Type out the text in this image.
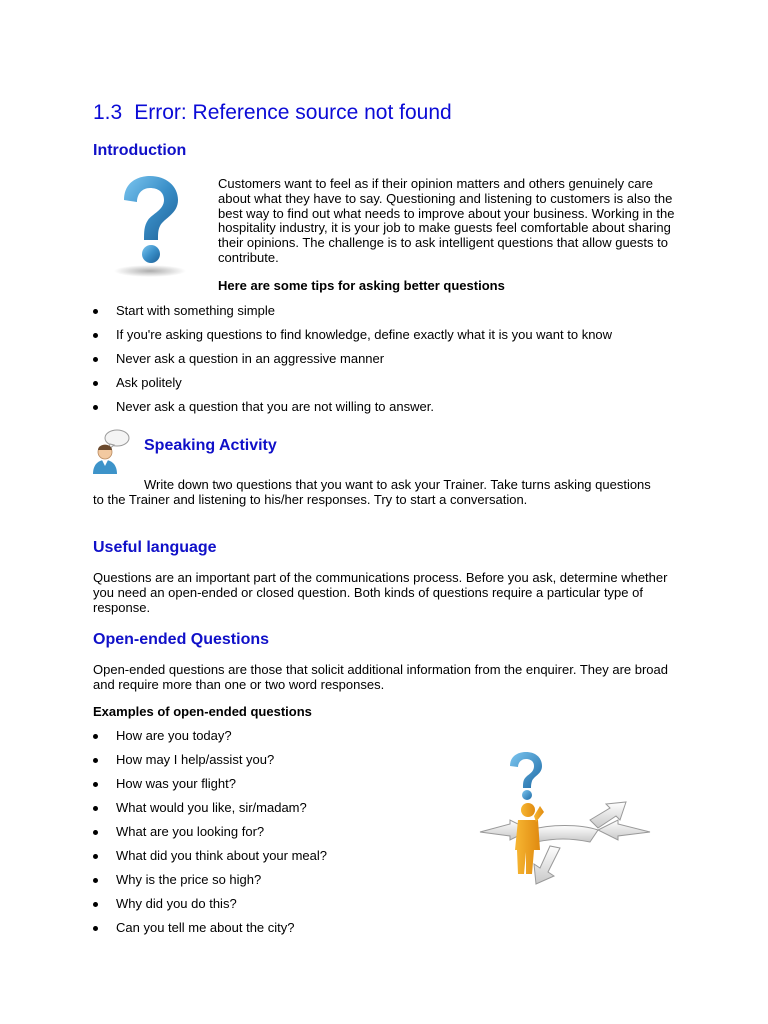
1.3 Error: Reference source not found
Introduction

Customers want to feel as if their opinion matters and others genuinely care about what they have to say. Questioning and listening to customers is also the best way to find out what needs to improve about your business. Working in the hospitality industry, it is your job to make guests feel comfortable about sharing their opinions. The challenge is to ask intelligent questions that allow guests to contribute.

Here are some tips for asking better questions

Start with something simple
If you're asking questions to find knowledge, define exactly what it is you want to know
Never ask a question in an aggressive manner
Ask politely
Never ask a question that you are not willing to answer.
Speaking Activity

Write down two questions that you want to ask your Trainer. Take turns asking questions to the Trainer and listening to his/her responses. Try to start a conversation.

Useful language

Questions are an important part of the communications process. Before you ask, determine whether you need an open-ended or closed question. Both kinds of questions require a particular type of response.

Open-ended Questions

Open-ended questions are those that solicit additional information from the enquirer. They are broad and require more than one or two word responses.

Examples of open-ended questions

How are you today?
How may I help/assist you?
How was your flight?
What would you like, sir/madam?
What are you looking for?
What did you think about your meal?
Why is the price so high?
Why did you do this?
Can you tell me about the city?
